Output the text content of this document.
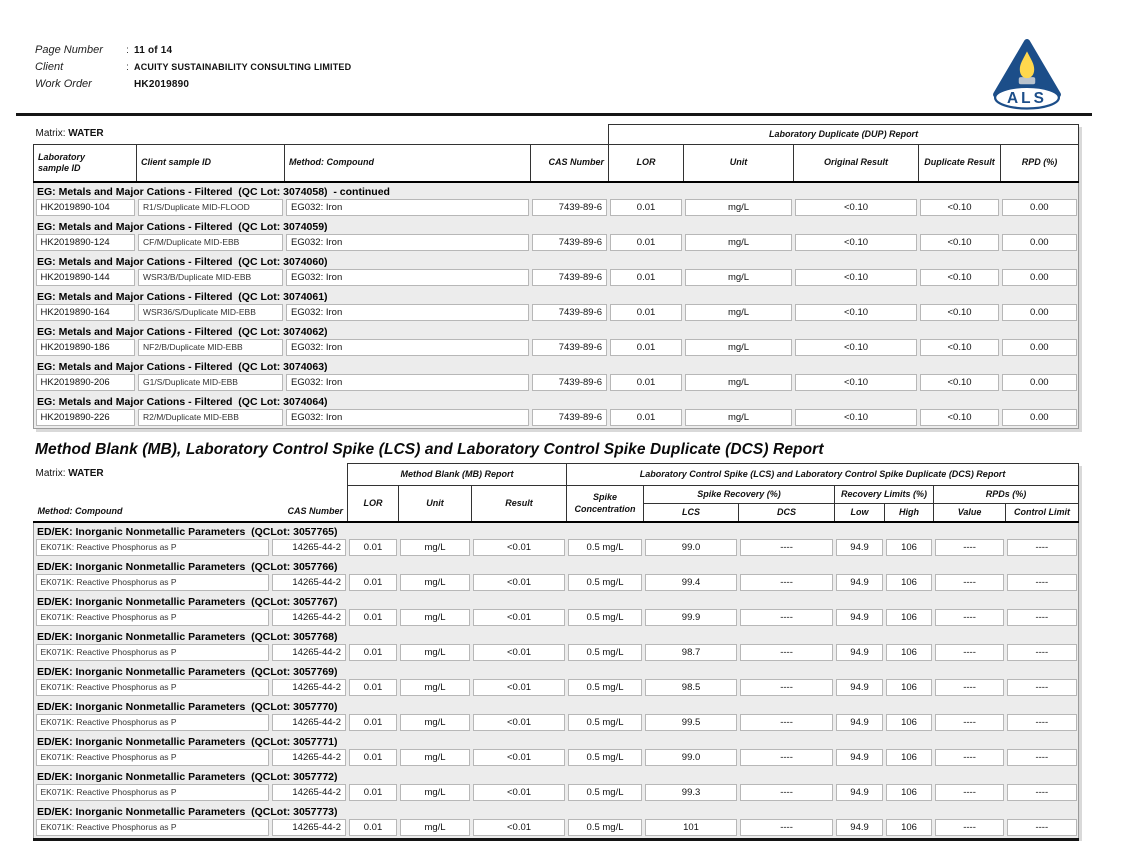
Page Number	: 11 of 14
Client	: ACUITY SUSTAINABILITY CONSULTING LIMITED
Work Order	HK2019890
ALS
Matrix: WATER				Laboratory Duplicate (DUP) Report				
Laboratory sample ID	Client sample ID	Method: Compound	CAS Number	LOR	Unit	Original Result	Duplicate Result	RPD (%)
EG: Metals and Major Cations - Filtered  (QC Lot: 3074058)  - continued								

HK2019890-104	R1/S/Duplicate MID-FLOOD	EG032: Iron	7439-89-6	0.01	mg/L	<0.10	<0.10	0.00

EG: Metals and Major Cations - Filtered  (QC Lot: 3074059)								

HK2019890-124	CF/M/Duplicate MID-EBB	EG032: Iron	7439-89-6	0.01	mg/L	<0.10	<0.10	0.00

EG: Metals and Major Cations - Filtered  (QC Lot: 3074060)								

HK2019890-144	WSR3/B/Duplicate MID-EBB	EG032: Iron	7439-89-6	0.01	mg/L	<0.10	<0.10	0.00

EG: Metals and Major Cations - Filtered  (QC Lot: 3074061)								

HK2019890-164	WSR36/S/Duplicate MID-EBB	EG032: Iron	7439-89-6	0.01	mg/L	<0.10	<0.10	0.00

EG: Metals and Major Cations - Filtered  (QC Lot: 3074062)								

HK2019890-186	NF2/B/Duplicate MID-EBB	EG032: Iron	7439-89-6	0.01	mg/L	<0.10	<0.10	0.00

EG: Metals and Major Cations - Filtered  (QC Lot: 3074063)								

HK2019890-206	G1/S/Duplicate MID-EBB	EG032: Iron	7439-89-6	0.01	mg/L	<0.10	<0.10	0.00

EG: Metals and Major Cations - Filtered  (QC Lot: 3074064)								

HK2019890-226	R2/M/Duplicate MID-EBB	EG032: Iron	7439-89-6	0.01	mg/L	<0.10	<0.10	0.00
Method Blank (MB), Laboratory Control Spike (LCS) and Laboratory Control Spike Duplicate (DCS) Report
Matrix: WATER		Method Blank (MB) Report			Laboratory Control Spike (LCS) and Laboratory Control Spike Duplicate (DCS) Report						
Method: Compound	CAS Number	LOR	Unit	Result	Spike Concentration	Spike Recovery (%)		Recovery Limits (%)		RPDs (%)	
						LCS	DCS	Low	High	Value	Control Limit
ED/EK: Inorganic Nonmetallic Parameters  (QCLot: 3057765)											

EK071K: Reactive Phosphorus as P	14265-44-2	0.01	mg/L	<0.01	0.5 mg/L	99.0	----	94.9	106	----	----

ED/EK: Inorganic Nonmetallic Parameters  (QCLot: 3057766)											

EK071K: Reactive Phosphorus as P	14265-44-2	0.01	mg/L	<0.01	0.5 mg/L	99.4	----	94.9	106	----	----

ED/EK: Inorganic Nonmetallic Parameters  (QCLot: 3057767)											

EK071K: Reactive Phosphorus as P	14265-44-2	0.01	mg/L	<0.01	0.5 mg/L	99.9	----	94.9	106	----	----

ED/EK: Inorganic Nonmetallic Parameters  (QCLot: 3057768)											

EK071K: Reactive Phosphorus as P	14265-44-2	0.01	mg/L	<0.01	0.5 mg/L	98.7	----	94.9	106	----	----

ED/EK: Inorganic Nonmetallic Parameters  (QCLot: 3057769)											

EK071K: Reactive Phosphorus as P	14265-44-2	0.01	mg/L	<0.01	0.5 mg/L	98.5	----	94.9	106	----	----

ED/EK: Inorganic Nonmetallic Parameters  (QCLot: 3057770)											

EK071K: Reactive Phosphorus as P	14265-44-2	0.01	mg/L	<0.01	0.5 mg/L	99.5	----	94.9	106	----	----

ED/EK: Inorganic Nonmetallic Parameters  (QCLot: 3057771)											

EK071K: Reactive Phosphorus as P	14265-44-2	0.01	mg/L	<0.01	0.5 mg/L	99.0	----	94.9	106	----	----

ED/EK: Inorganic Nonmetallic Parameters  (QCLot: 3057772)											

EK071K: Reactive Phosphorus as P	14265-44-2	0.01	mg/L	<0.01	0.5 mg/L	99.3	----	94.9	106	----	----

ED/EK: Inorganic Nonmetallic Parameters  (QCLot: 3057773)											

EK071K: Reactive Phosphorus as P	14265-44-2	0.01	mg/L	<0.01	0.5 mg/L	101	----	94.9	106	----	----
